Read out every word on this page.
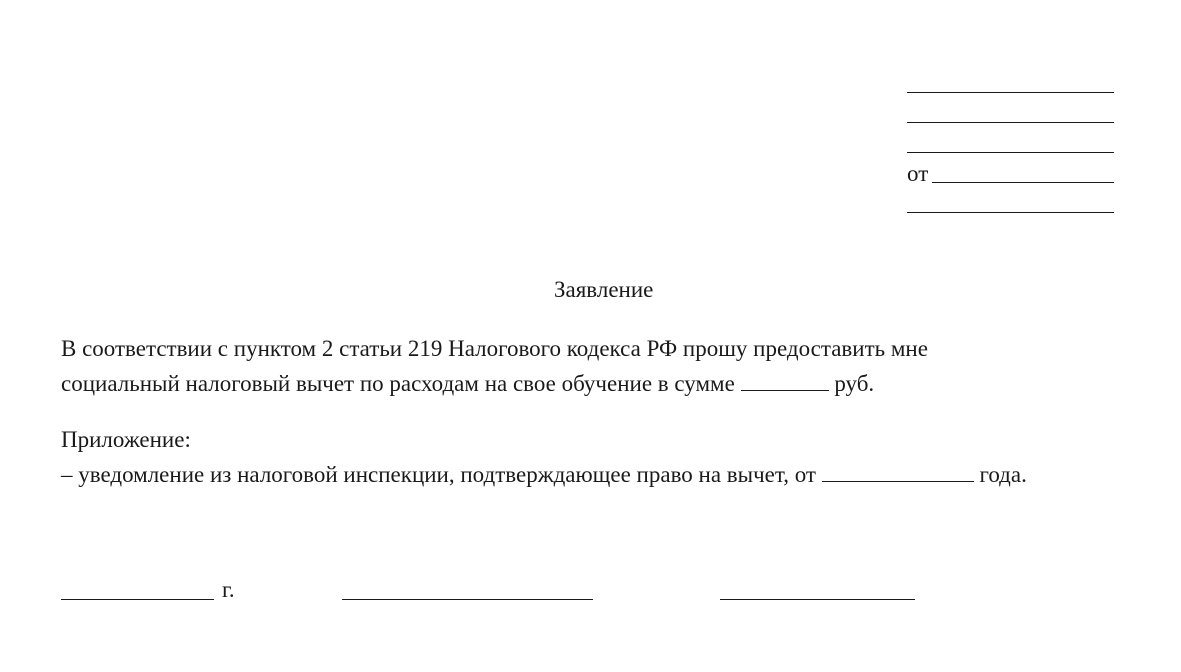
от
Заявление
В соответствии с пунктом 2 статьи 219 Налогового кодекса РФ прошу предоставить мне
социальный налоговый вычет по расходам на свое обучение в сумме	руб.
Приложение:
– уведомление из налоговой инспекции, подтверждающее право на вычет, от	года.
г.
